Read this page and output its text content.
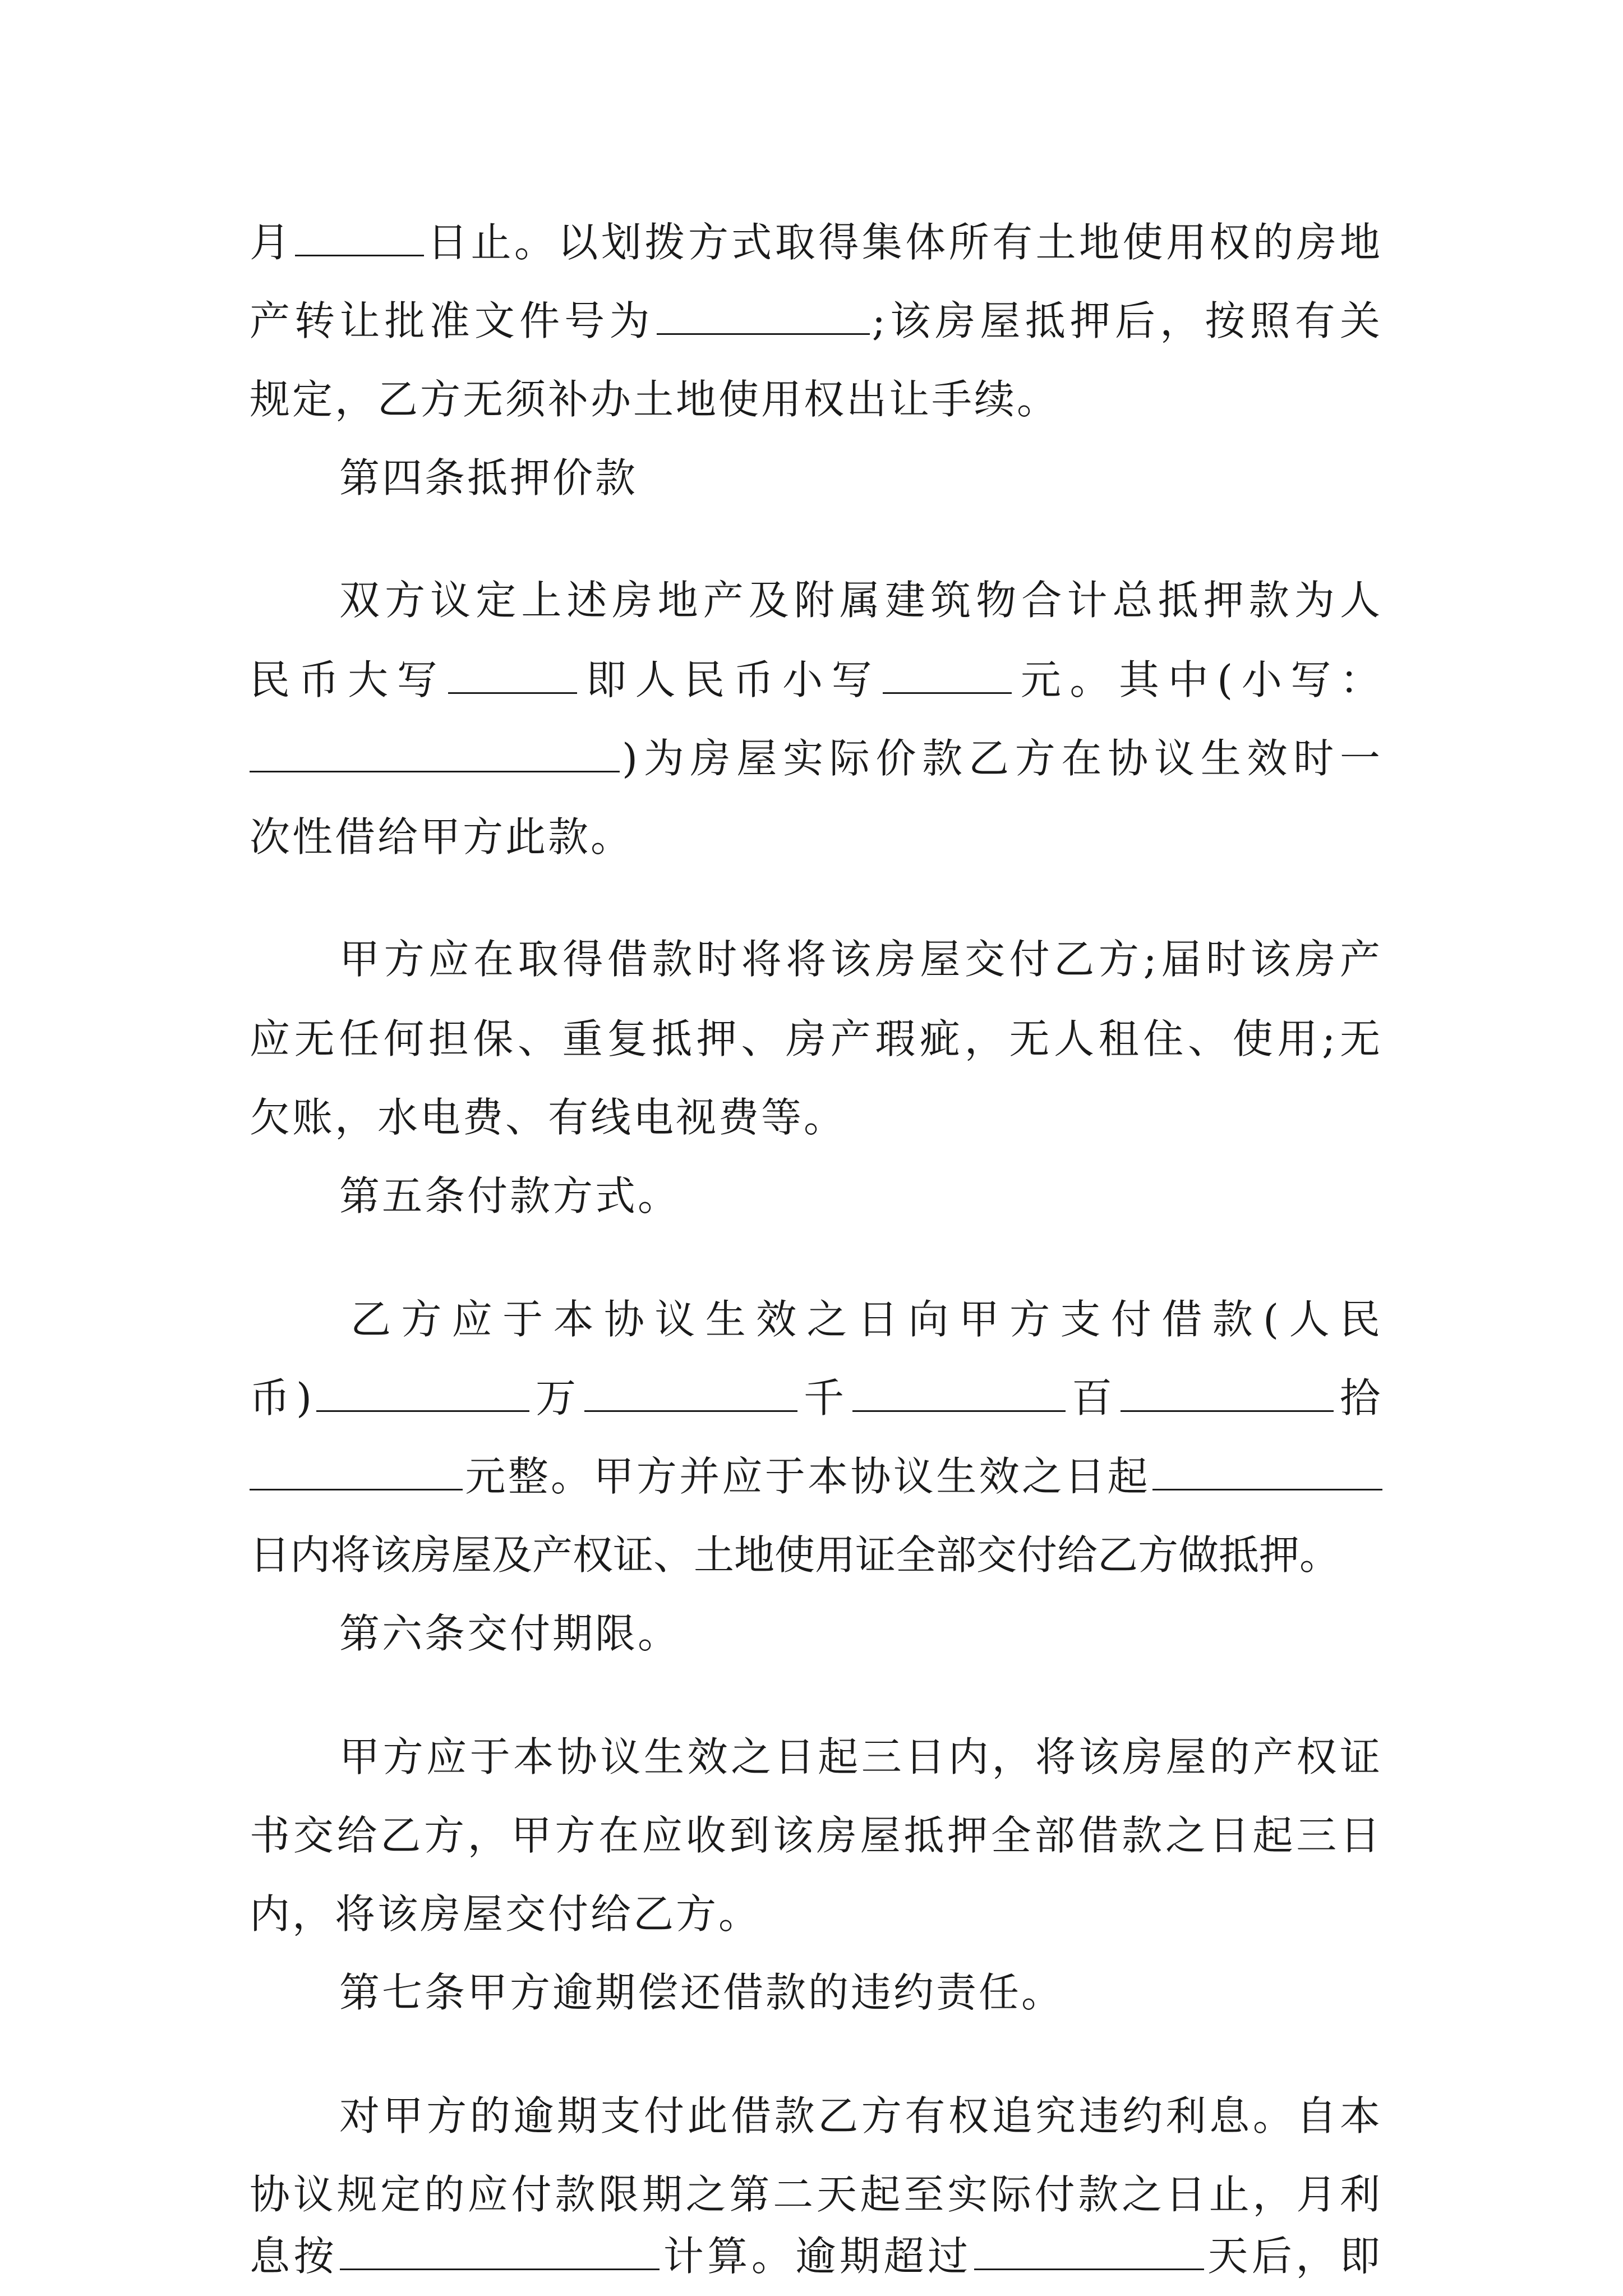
月	日止。以划拨方式取得集体所有土地使用权的房地
产转让批准文件号为	;该房屋抵押后，按照有关
规定，乙方无须补办土地使用权出让手续。
第四条抵押价款
双方议定上述房地产及附属建筑物合计总抵押款为人
民币大写	即人民币小写	元。其中(小写：
)为房屋实际价款乙方在协议生效时一
次性借给甲方此款。
甲方应在取得借款时将将该房屋交付乙方;届时该房产
应无任何担保、重复抵押、房产瑕疵，无人租住、使用;无
欠账，水电费、有线电视费等。
第五条付款方式。
乙方应于本协议生效之日向甲方支付借款(人民
币)	万	千	百	拾
元整。甲方并应于本协议生效之日起
日内将该房屋及产权证、土地使用证全部交付给乙方做抵押。
第六条交付期限。
甲方应于本协议生效之日起三日内，将该房屋的产权证
书交给乙方，甲方在应收到该房屋抵押全部借款之日起三日
内，将该房屋交付给乙方。
第七条甲方逾期偿还借款的违约责任。
对甲方的逾期支付此借款乙方有权追究违约利息。自本
协议规定的应付款限期之第二天起至实际付款之日止，月利
息按	计算。逾期超过	天后，即
